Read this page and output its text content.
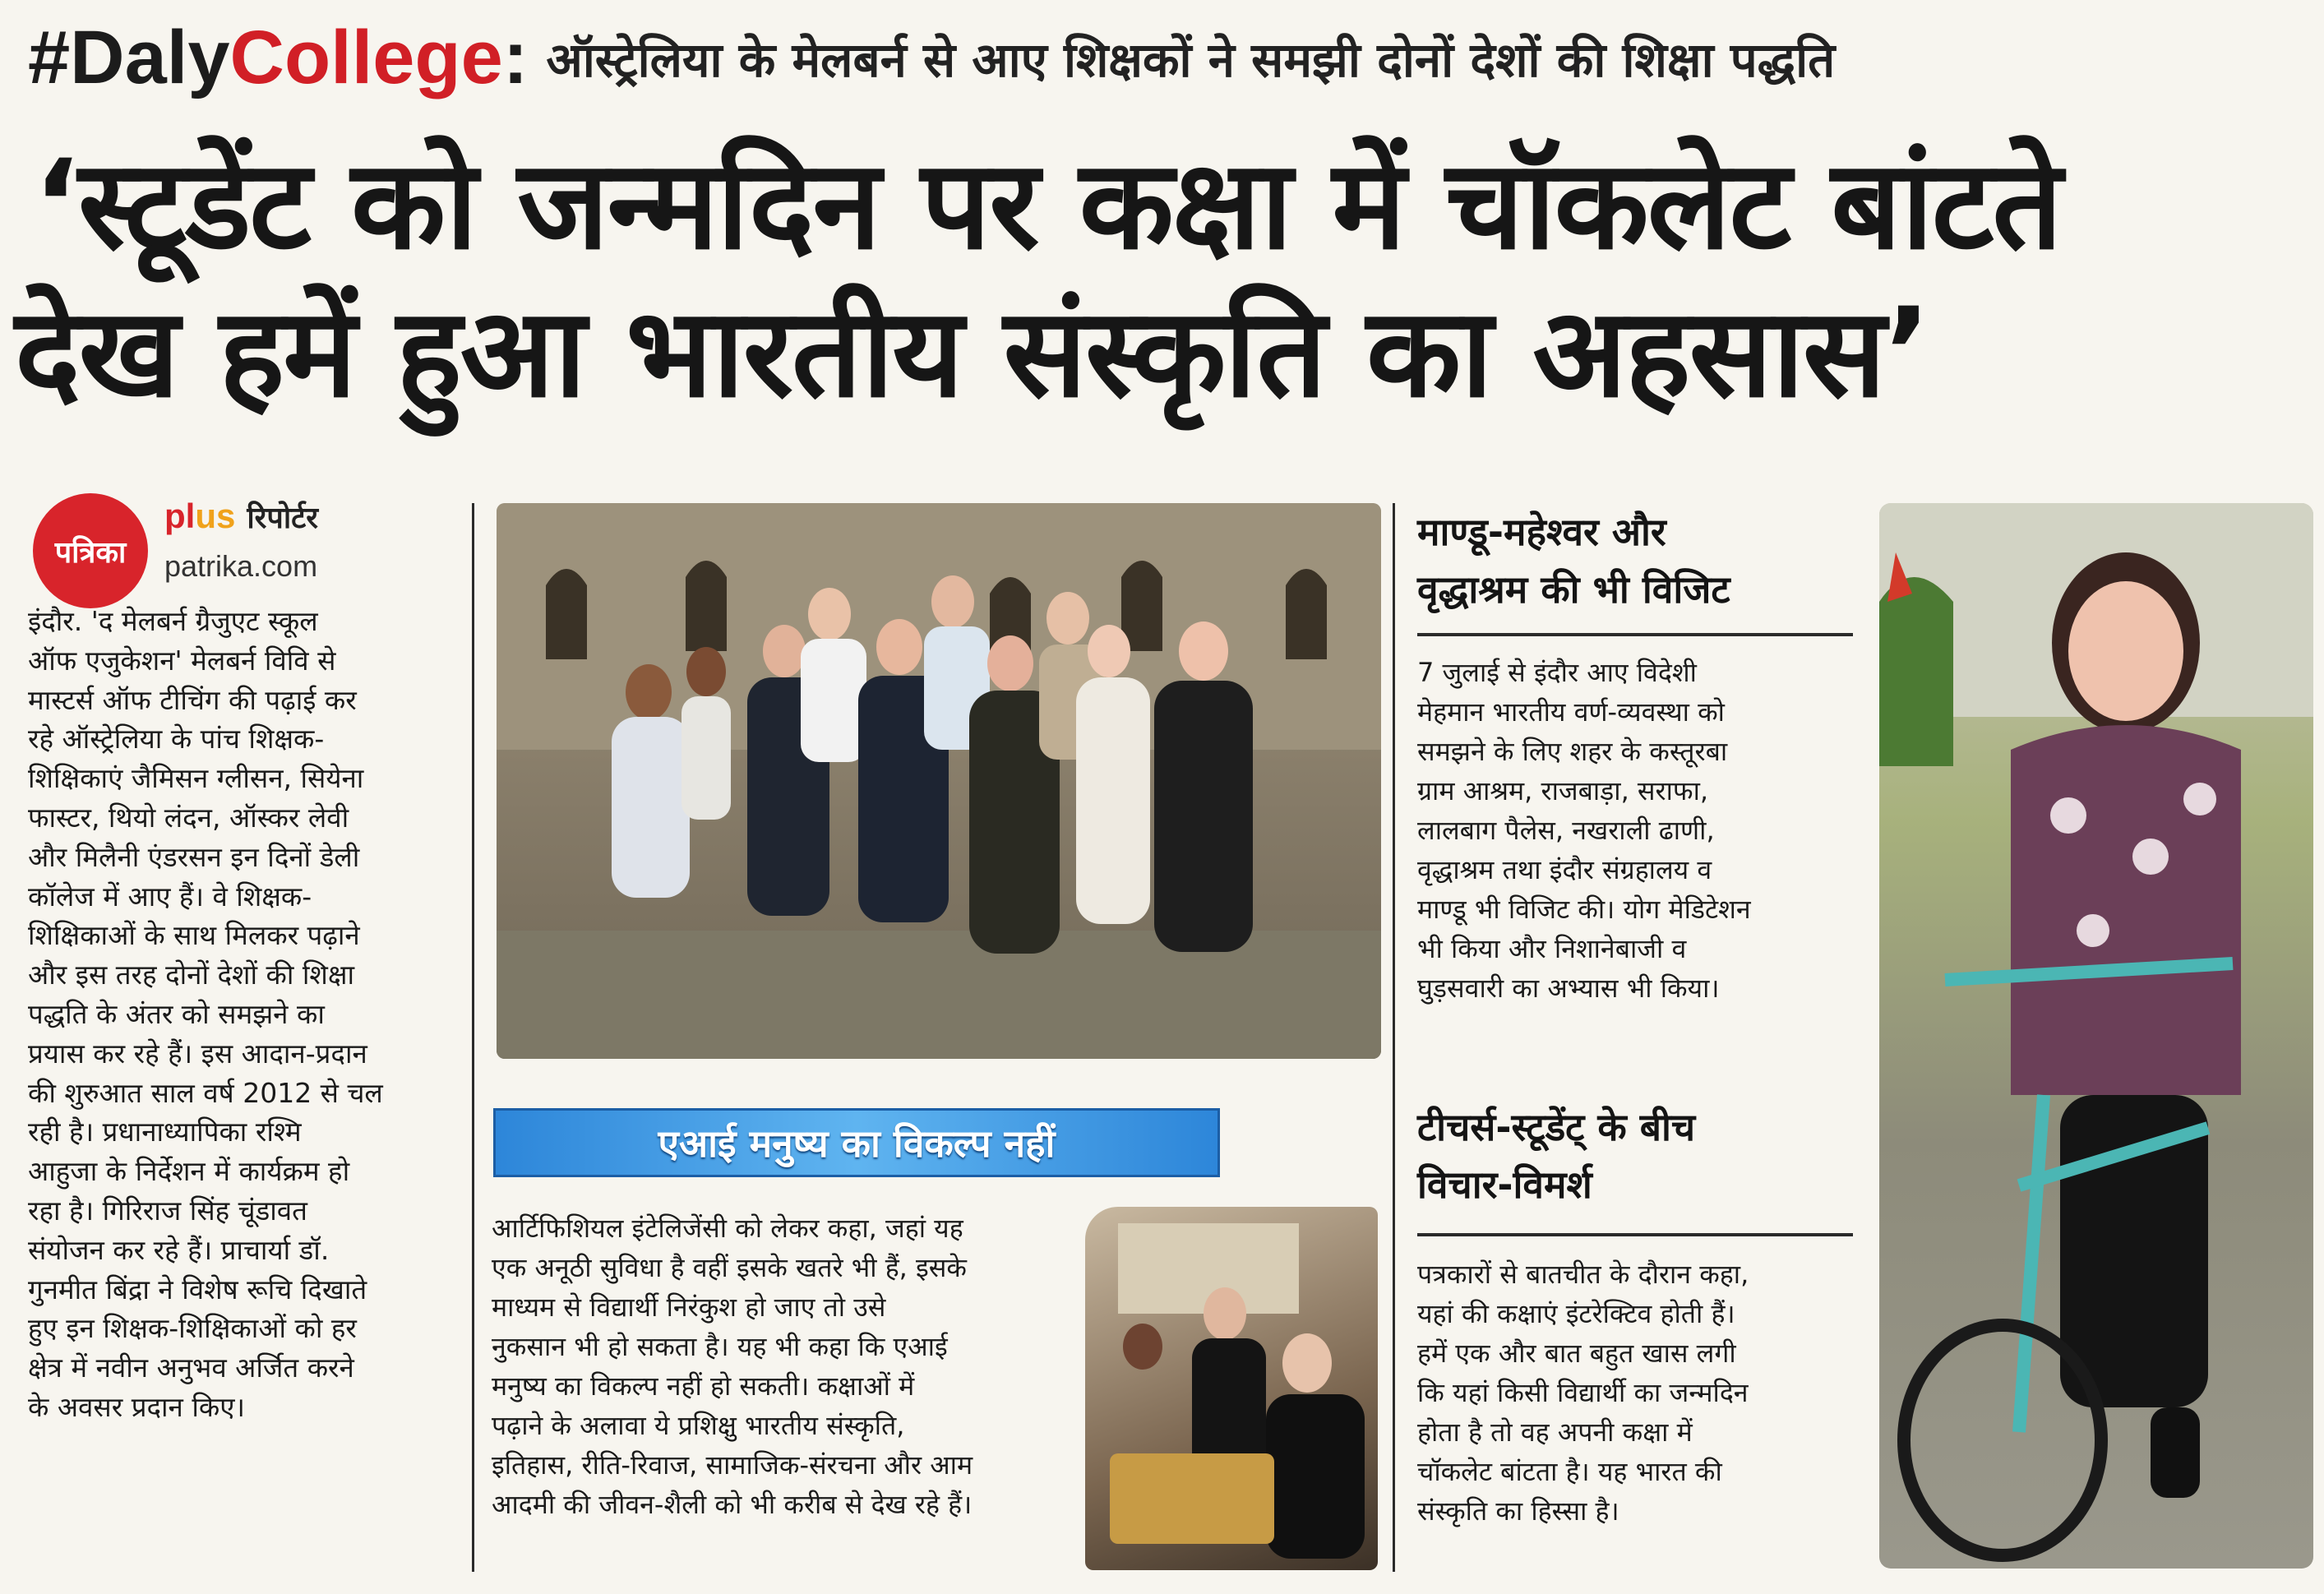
#DalyCollege: ऑस्ट्रेलिया के मेलबर्न से आए शिक्षकों ने समझी दोनों देशों की शिक्षा पद्धति
‘स्टूडेंट को जन्मदिन पर कक्षा में चॉकलेट बांटते
देख हमें हुआ भारतीय संस्कृति का अहसास’
पत्रिका
plus रिपोर्टर
patrika.com

इंदौर. 'द मेलबर्न ग्रैजुएट स्कूल

ऑफ एजुकेशन' मेलबर्न विवि से

मास्टर्स ऑफ टीचिंग की पढ़ाई कर

रहे ऑस्ट्रेलिया के पांच शिक्षक-

शिक्षिकाएं जैमिसन ग्लीसन, सियेना

फास्टर, थियो लंदन, ऑस्कर लेवी

और मिलैनी एंडरसन इन दिनों डेली

कॉलेज में आए हैं। वे शिक्षक-

शिक्षिकाओं के साथ मिलकर पढ़ाने

और इस तरह दोनों देशों की शिक्षा

पद्धति के अंतर को समझने का

प्रयास कर रहे हैं। इस आदान-प्रदान

की शुरुआत साल वर्ष 2012 से चल

रही है। प्रधानाध्यापिका रश्मि

आहुजा के निर्देशन में कार्यक्रम हो

रहा है। गिरिराज सिंह चूंडावत

संयोजन कर रहे हैं। प्राचार्या डॉ.

गुनमीत बिंद्रा ने विशेष रूचि दिखाते

हुए इन शिक्षक-शिक्षिकाओं को हर

क्षेत्र में नवीन अनुभव अर्जित करने

के अवसर प्रदान किए।

एआई मनुष्य का विकल्प नहीं

आर्टिफिशियल इंटेलिजेंसी को लेकर कहा, जहां यह

एक अनूठी सुविधा है वहीं इसके खतरे भी हैं, इसके

माध्यम से विद्यार्थी निरंकुश हो जाए तो उसे

नुकसान भी हो सकता है। यह भी कहा कि एआई

मनुष्य का विकल्प नहीं हो सकती। कक्षाओं में

पढ़ाने के अलावा ये प्रशिक्षु भारतीय संस्कृति,

इतिहास, रीति-रिवाज, सामाजिक-संरचना और आम

आदमी की जीवन-शैली को भी करीब से देख रहे हैं।

माण्डू-महेश्वर और
वृद्धाश्रम की भी विजिट

7 जुलाई से इंदौर आए विदेशी

मेहमान भारतीय वर्ण-व्यवस्था को

समझने के लिए शहर के कस्तूरबा

ग्राम आश्रम, राजबाड़ा, सराफा,

लालबाग पैलेस, नखराली ढाणी,

वृद्धाश्रम तथा इंदौर संग्रहालय व

माण्डू भी विजिट की। योग मेडिटेशन

भी किया और निशानेबाजी व

घुड़सवारी का अभ्यास भी किया।

टीचर्स-स्टूडेंट् के बीच
विचार-विमर्श

पत्रकारों से बातचीत के दौरान कहा,

यहां की कक्षाएं इंटरेक्टिव होती हैं।

हमें एक और बात बहुत खास लगी

कि यहां किसी विद्यार्थी का जन्मदिन

होता है तो वह अपनी कक्षा में

चॉकलेट बांटता है। यह भारत की

संस्कृति का हिस्सा है।
